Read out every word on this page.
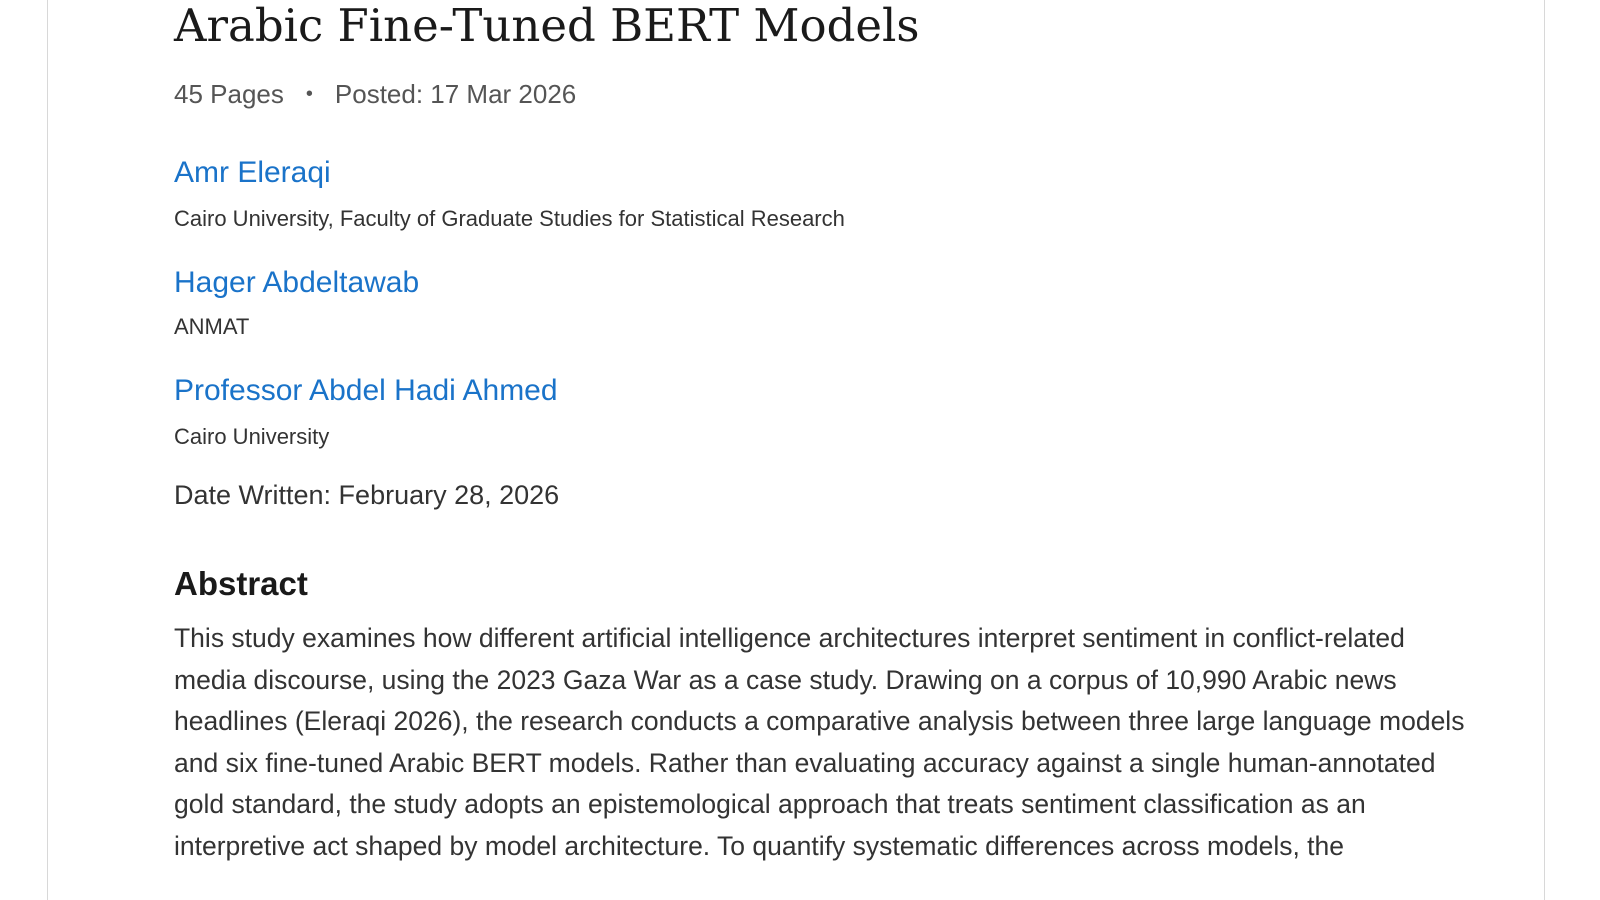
Arabic Fine-Tuned BERT Models
45 Pages • Posted: 17 Mar 2026
Amr Eleraqi
Cairo University, Faculty of Graduate Studies for Statistical Research
Hager Abdeltawab
ANMAT
Professor Abdel Hadi Ahmed
Cairo University
Date Written: February 28, 2026
Abstract

This study examines how different artificial intelligence architectures interpret sentiment in conflict-related
media discourse, using the 2023 Gaza War as a case study. Drawing on a corpus of 10,990 Arabic news
headlines (Eleraqi 2026), the research conducts a comparative analysis between three large language models
and six fine-tuned Arabic BERT models. Rather than evaluating accuracy against a single human-annotated
gold standard, the study adopts an epistemological approach that treats sentiment classification as an
interpretive act shaped by model architecture. To quantify systematic differences across models, the
